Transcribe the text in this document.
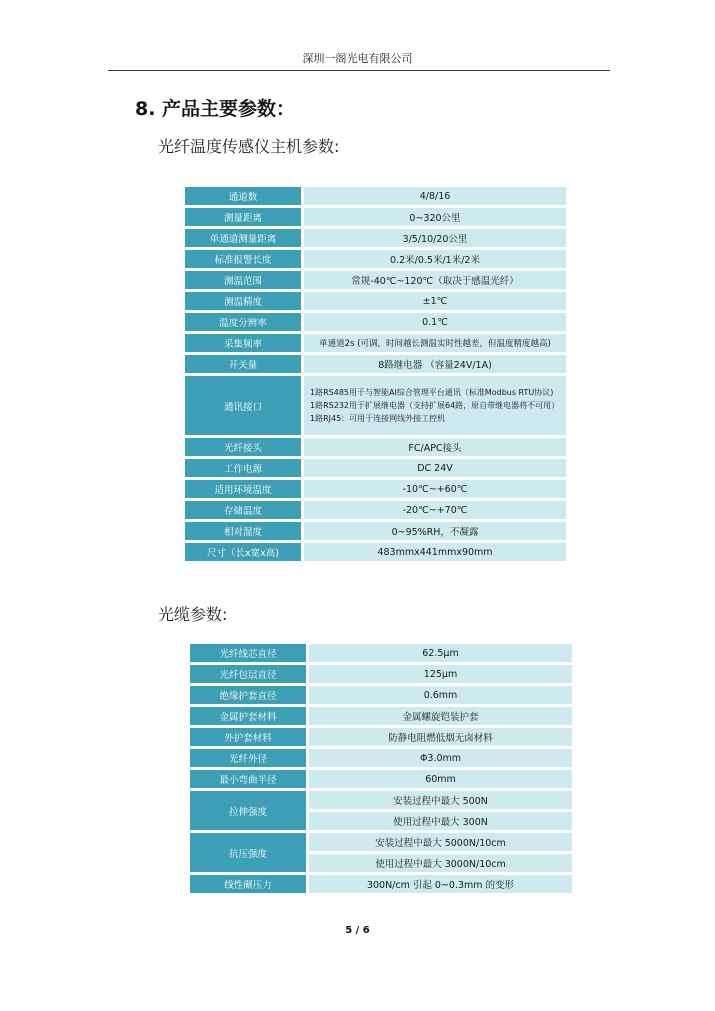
深圳一阁光电有限公司
8. 产品主要参数：
光纤温度传感仪主机参数:
通道数	4/8/16
测量距离	0~320公里
单通道测量距离	3/5/10/20公里
标准报警长度	0.2米/0.5米/1米/2米
测温范围	常规-40℃~120℃（取决于感温光纤）
测温精度	±1℃
温度分辨率	0.1℃
采集频率	单通道2s (可调，时间越长测温实时性越差，但温度精度越高)
开关量	8路继电器 （容量24V/1A)
通讯接口	1路RS485用于与智能AI综合管理平台通讯（标准Modbus RTU协议)
1路RS232用于扩展继电器（支持扩展64路，原自带继电器将不可用）
1路RJ45：可用于连接网线外接工控机

光纤接头	FC/APC接头
工作电源	DC 24V
适用环境温度	-10℃~+60℃
存储温度	-20℃~+70℃
相对湿度	0~95%RH，不凝露
尺寸（长x宽x高)	483mmx441mmx90mm
光缆参数:
光纤线芯直径	62.5μm
光纤包层直径	125μm
绝缘护套直径	0.6mm
金属护套材料	金属螺旋铠装护套
外护套材料	防静电阻燃低烟无卤材料
光纤外径	Φ3.0mm
最小弯曲半径	60mm
拉伸强度	安装过程中最大 500N
	使用过程中最大 300N
抗压强度	安装过程中最大 5000N/10cm
	使用过程中最大 3000N/10cm
线性碾压力	300N/cm 引起 0~0.3mm 的变形
5 / 6
